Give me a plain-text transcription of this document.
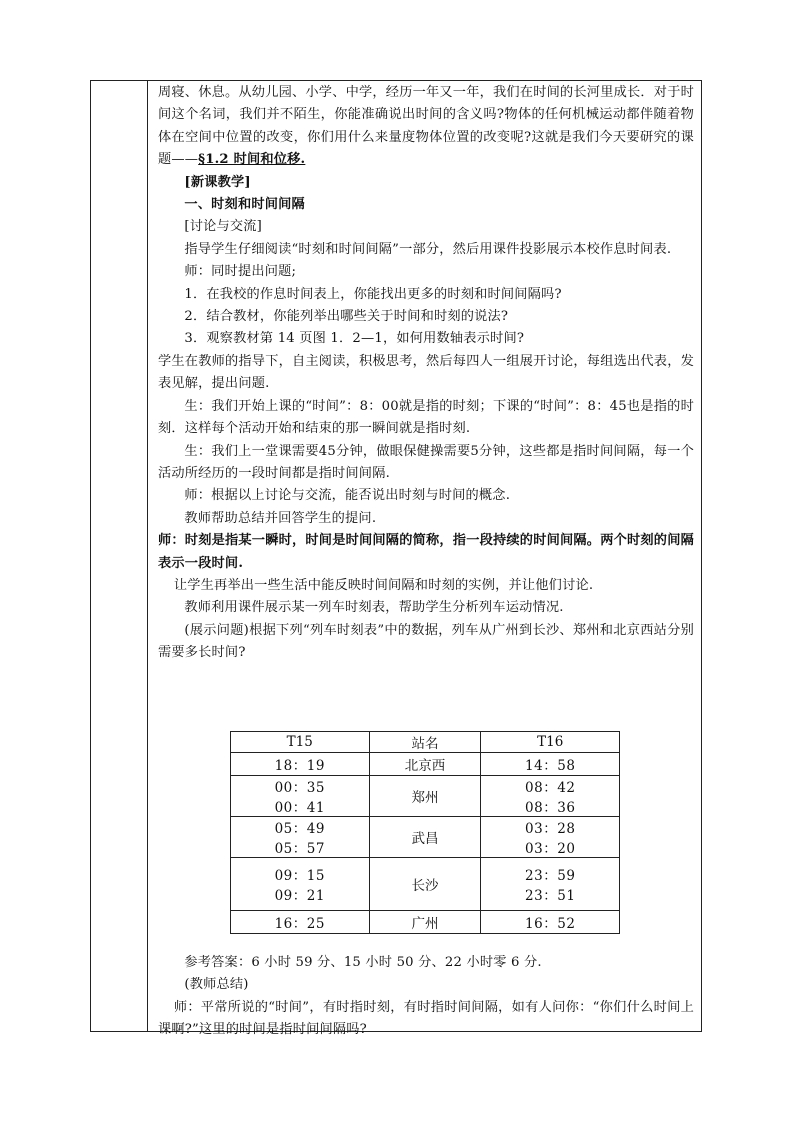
周寝、休息。从幼儿园、小学、中学，经历一年又一年，我们在时间的长河里成长．对于时间这个名词，我们并不陌生，你能准确说出时间的含义吗?物体的任何机械运动都伴随着物体在空间中位置的改变，你们用什么来量度物体位置的改变呢?这就是我们今天要研究的课题——§1.2 时间和位移.

[新课教学]

一、时刻和时间间隔

[讨论与交流]

指导学生仔细阅读“时刻和时间间隔”一部分，然后用课件投影展示本校作息时间表.

师：同时提出问题;

1．在我校的作息时间表上，你能找出更多的时刻和时间间隔吗?

2．结合教材，你能列举出哪些关于时间和时刻的说法?

3．观察教材第 14 页图 1．2—1，如何用数轴表示时间?

学生在教师的指导下，自主阅读，积极思考，然后每四人一组展开讨论，每组选出代表，发表见解，提出问题.

生：我们开始上课的“时间”：8：00就是指的时刻；下课的“时间”：8：45也是指的时刻．这样每个活动开始和结束的那一瞬间就是指时刻.

生：我们上一堂课需要45分钟，做眼保健操需要5分钟，这些都是指时间间隔，每一个活动所经历的一段时间都是指时间间隔.

师：根据以上讨论与交流，能否说出时刻与时间的概念.

教师帮助总结并回答学生的提问.

师：时刻是指某一瞬时，时间是时间间隔的简称，指一段持续的时间间隔。两个时刻的间隔表示一段时间.

让学生再举出一些生活中能反映时间间隔和时刻的实例，并让他们讨论.

教师利用课件展示某一列车时刻表，帮助学生分析列车运动情况.

(展示问题)根据下列“列车时刻表”中的数据，列车从广州到长沙、郑州和北京西站分别需要多长时间?

T15	站名	T16
18：19	北京西	14：58
00：35	郑州	08：42
00：41		08：36
05：49	武昌	03：28
05：57		03：20
09：15	长沙	23：59
09：21		23：51
16：25	广州	16：52

参考答案：6 小时 59 分、15 小时 50 分、22 小时零 6 分.

(教师总结)

师：平常所说的“时间”，有时指时刻，有时指时间间隔，如有人问你：“你们什么时间上课啊?”这里的时间是指时间间隔吗?
